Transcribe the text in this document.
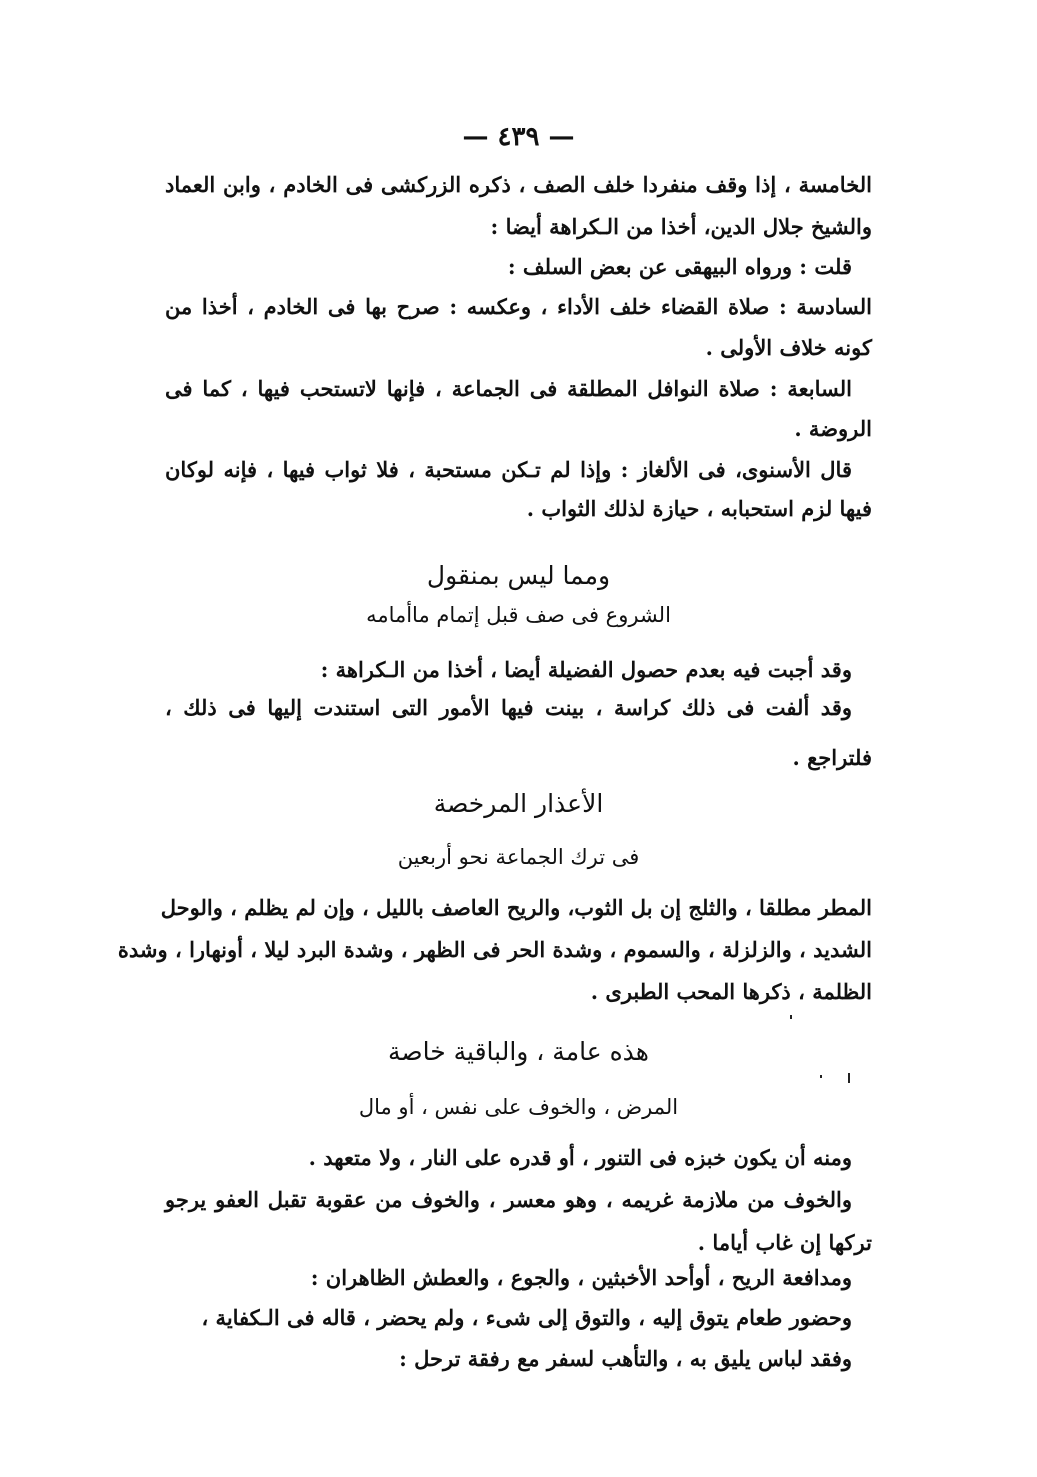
— ٤٣٩ —
الخامسة ، إذا وقف منفردا خلف الصف ، ذكره الزركشى فى الخادم ، وابن العماد
والشيخ جلال الدين، أخذا من الـكراهة أيضا :
قلت : ورواه البيهقى عن بعض السلف :
السادسة : صلاة القضاء خلف الأداء ، وعكسه : صرح بها فى الخادم ، أخذا من
كونه خلاف الأولى .
السابعة : صلاة النوافل المطلقة فى الجماعة ، فإنها لاتستحب فيها ، كما فى
الروضة .
قال الأسنوى، فى الألغاز : وإذا لم تـكن مستحبة ، فلا ثواب فيها ، فإنه لوكان
فيها لزم استحبابه ، حيازة لذلك الثواب .
ومما ليس بمنقول
الشروع فى صف قبل إتمام ماأمامه
وقد أجبت فيه بعدم حصول الفضيلة أيضا ، أخذا من الـكراهة :
وقد ألفت فى ذلك كراسة ، بينت فيها الأمور التى استندت إليها فى ذلك ،
فلتراجع .
الأعذار المرخصة
فى ترك الجماعة نحو أربعين
المطر مطلقا ، والثلج إن بل الثوب، والريح العاصف بالليل ، وإن لم يظلم ، والوحل
الشديد ، والزلزلة ، والسموم ، وشدة الحر فى الظهر ، وشدة البرد ليلا ، أونهارا ، وشدة
الظلمة ، ذكرها المحب الطبرى .
هذه عامة ، والباقية خاصة
المرض ، والخوف على نفس ، أو مال
ومنه أن يكون خبزه فى التنور ، أو قدره على النار ، ولا متعهد .
والخوف من ملازمة غريمه ، وهو معسر ، والخوف من عقوبة تقبل العفو يرجو
تركها إن غاب أياما .
ومدافعة الريح ، أوأحد الأخبثين ، والجوع ، والعطش الظاهران :
وحضور طعام يتوق إليه ، والتوق إلى شىء ، ولم يحضر ، قاله فى الـكفاية ،
وفقد لباس يليق به ، والتأهب لسفر مع رفقة ترحل :
